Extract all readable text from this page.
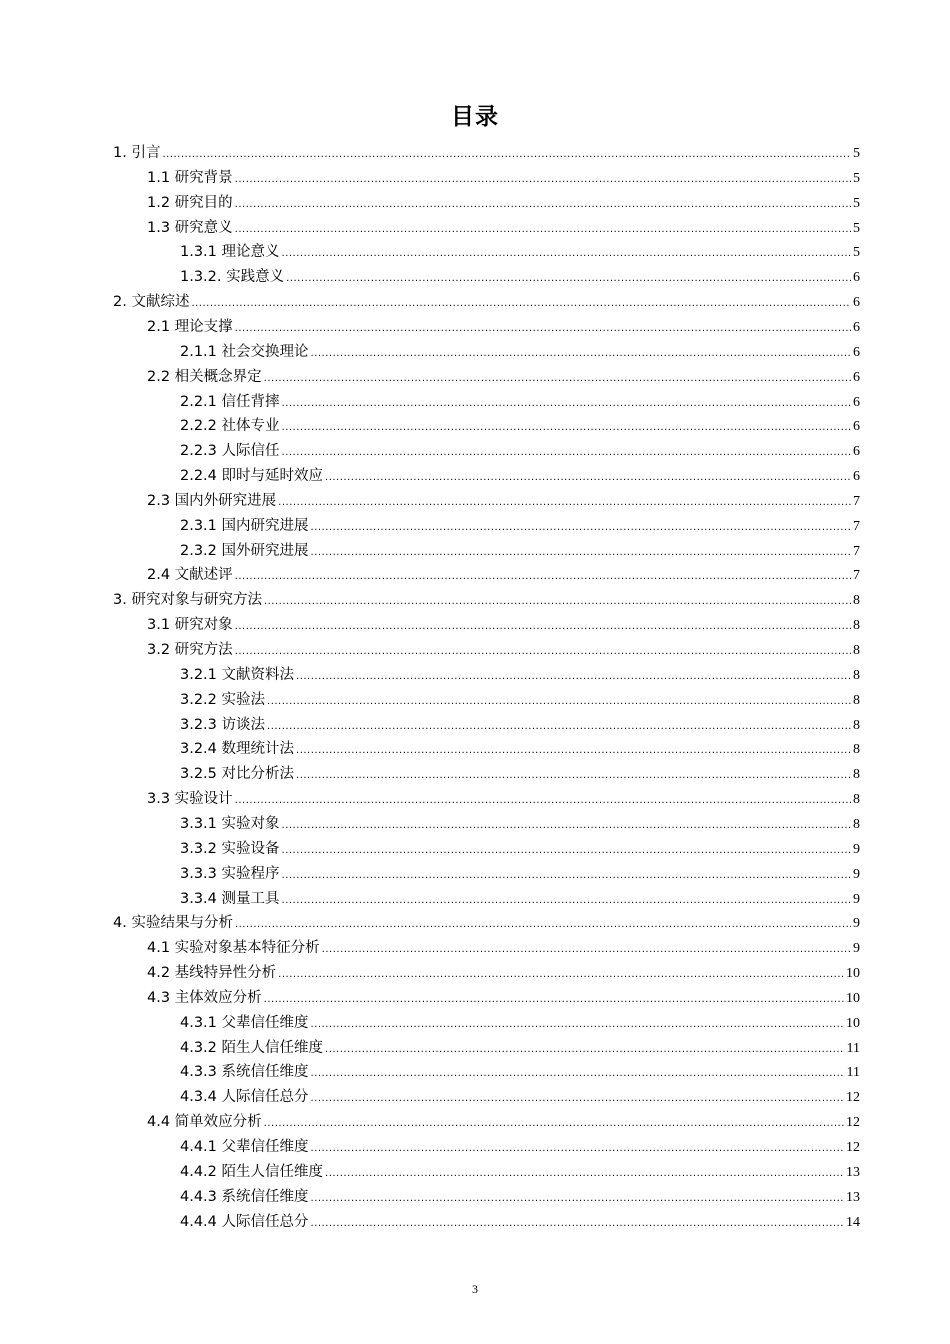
目录
1. 引言 .....	5
1.1 研究背景 .....	5
1.2 研究目的 .....	5
1.3 研究意义 .....	5
1.3.1 理论意义 .....	5
1.3.2. 实践意义 .....	6
2. 文献综述 .....	6
2.1 理论支撑 .....	6
2.1.1 社会交换理论 .....	6
2.2 相关概念界定 .....	6
2.2.1 信任背摔 .....	6
2.2.2 社体专业 .....	6
2.2.3 人际信任 .....	6
2.2.4 即时与延时效应 .....	6
2.3 国内外研究进展 .....	7
2.3.1 国内研究进展 .....	7
2.3.2 国外研究进展 .....	7
2.4 文献述评 .....	7
3. 研究对象与研究方法 .....	8
3.1 研究对象 .....	8
3.2 研究方法 .....	8
3.2.1 文献资料法 .....	8
3.2.2 实验法 .....	8
3.2.3 访谈法 .....	8
3.2.4 数理统计法 .....	8
3.2.5 对比分析法 .....	8
3.3 实验设计 .....	8
3.3.1 实验对象 .....	8
3.3.2 实验设备 .....	9
3.3.3 实验程序 .....	9
3.3.4 测量工具 .....	9
4. 实验结果与分析 .....	9
4.1 实验对象基本特征分析 .....	9
4.2 基线特异性分析 .....	10
4.3 主体效应分析 .....	10
4.3.1 父辈信任维度 .....	10
4.3.2 陌生人信任维度 .....	11
4.3.3 系统信任维度 .....	11
4.3.4 人际信任总分 .....	12
4.4 简单效应分析 .....	12
4.4.1 父辈信任维度 .....	12
4.4.2 陌生人信任维度 .....	13
4.4.3 系统信任维度 .....	13
4.4.4 人际信任总分 .....	14
3
